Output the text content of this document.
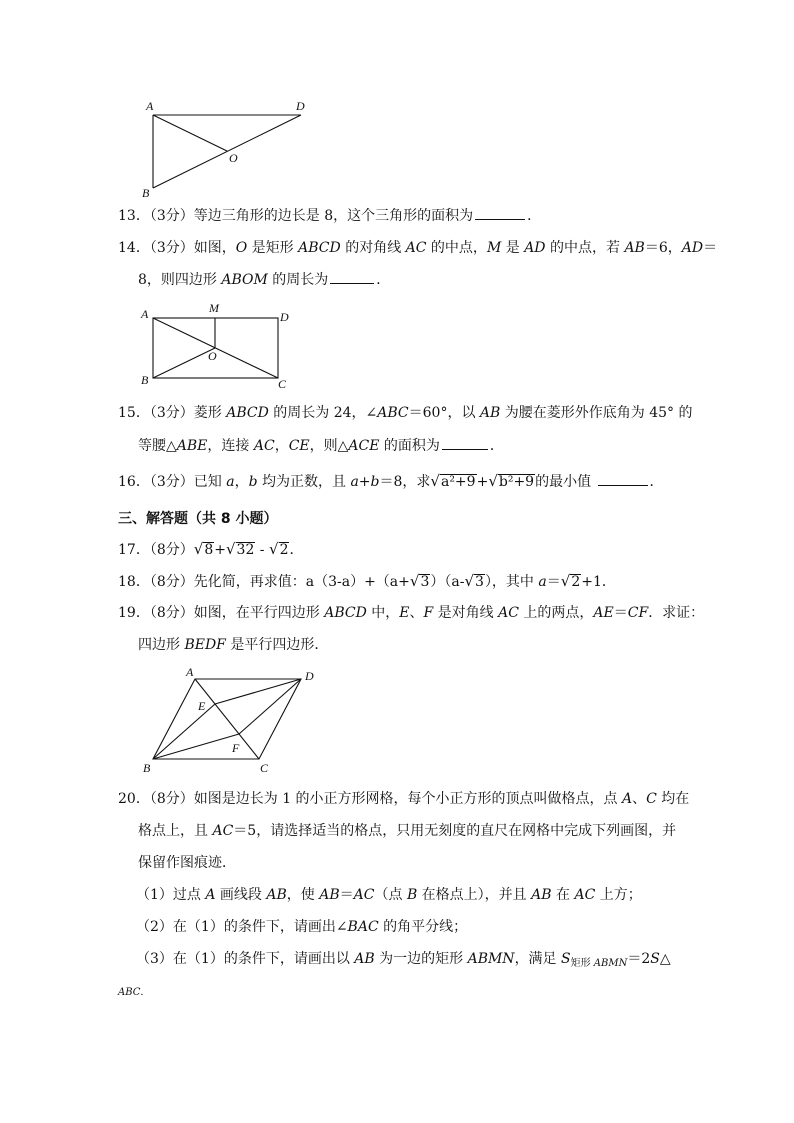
A	D
O
B
13．（3分）等边三角形的边长是 8，这个三角形的面积为	．
14．（3分）如图，O 是矩形 ABCD 的对角线 AC 的中点，M 是 AD 的中点，若 AB＝6，AD＝
8，则四边形 ABOM 的周长为	．
A	M
D
O
B	C
15．（3分）菱形 ABCD 的周长为 24，∠ABC＝60°，以 AB 为腰在菱形外作底角为 45° 的
等腰△ABE，连接 AC，CE，则△ACE 的面积为	．
16．（3分）已知 a，b 均为正数，且 a+b＝8，求√a²+9+√b²+9的最小值	．
三、解答题（共 8 小题）
17．（8分）√8+√32 - √2．
18．（8分）先化简，再求值：a（3-a）+（a+√3）（a-√3），其中 a＝√2+1．
19．（8分）如图，在平行四边形 ABCD 中，E、F 是对角线 AC 上的两点，AE＝CF．求证：
四边形 BEDF 是平行四边形．
A	D
E
F
B	C
20．（8分）如图是边长为 1 的小正方形网格，每个小正方形的顶点叫做格点，点 A、C 均在
格点上，且 AC＝5，请选择适当的格点，只用无刻度的直尺在网格中完成下列画图，并
保留作图痕迹．
（1）过点 A 画线段 AB，使 AB＝AC（点 B 在格点上），并且 AB 在 AC 上方；
（2）在（1）的条件下，请画出∠BAC 的角平分线；
（3）在（1）的条件下，请画出以 AB 为一边的矩形 ABMN，满足 $S_{矩形 ABMN}=2S\triangle$
ABC．
